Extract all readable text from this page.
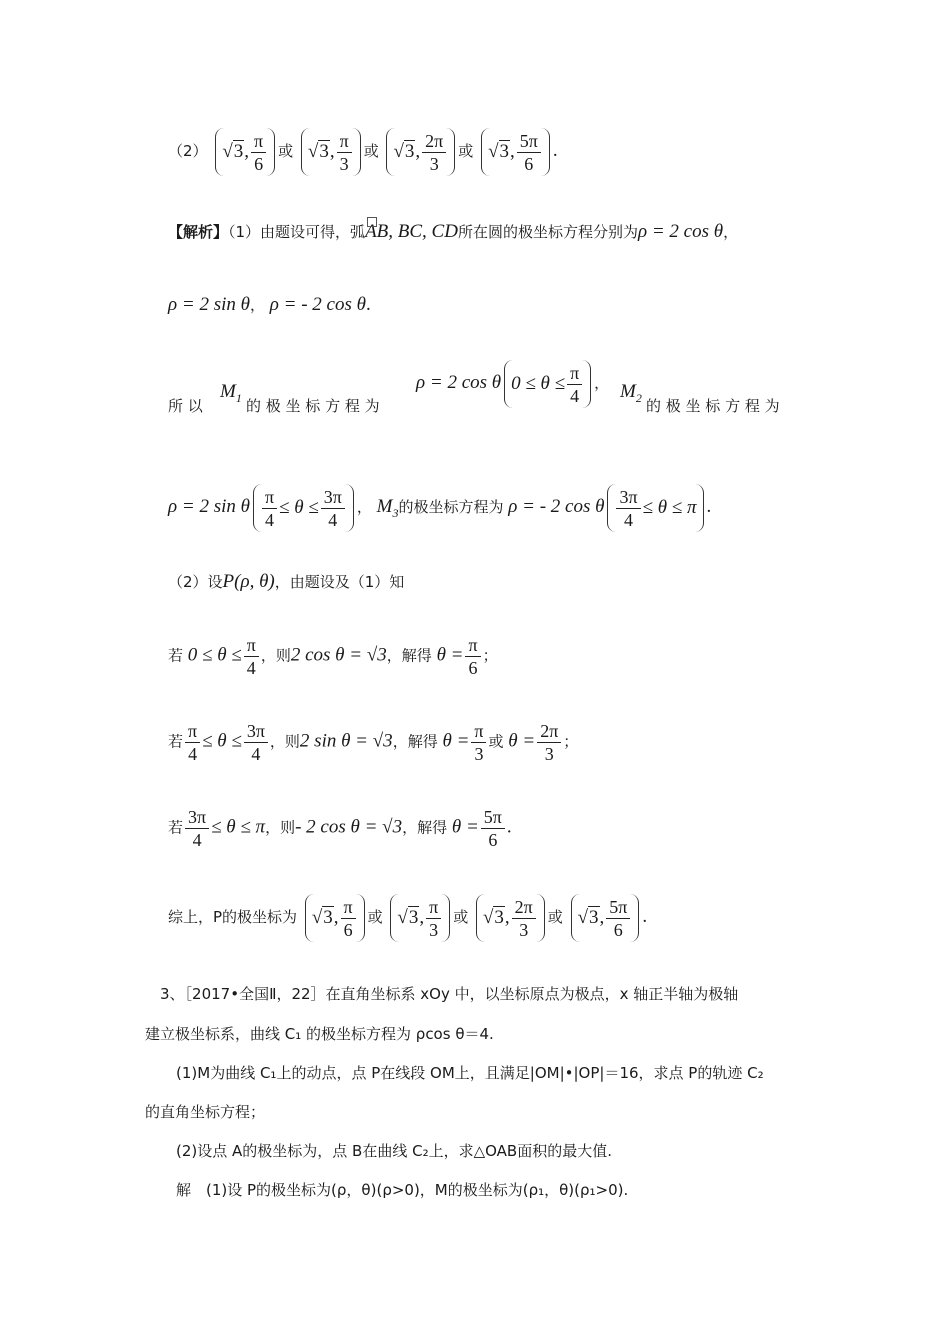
（2） √3 , $\frac{\pi}{6}$ 或 √3 , $\frac{\pi}{3}$ 或 √3 , $\frac{2\pi}{3}$ 或 √3 , $\frac{5\pi}{6}$ .
【解析】（1）由题设可得，弧AB, BC, CD所在圆的极坐标方程分别为ρ = 2 cos θ，
ρ = 2 sin θ， ρ = - 2 cos θ.
所 以
$M_1$ 的 极 坐 标 方 程 为
ρ = 2 cos θ $0 \le \theta \le \frac{\pi}{4}$ ， $M_2$ 的 极 坐 标 方 程 为
ρ = 2 sin θ $\frac{\pi}{4} \le \theta \le \frac{3\pi}{4}$ ， $M_3$的极坐标方程为 ρ = - 2 cos θ $\frac{3\pi}{4} \le \theta \le \pi$ .
（2）设P(ρ, θ)，由题设及（1）知
若 $0 \le \theta \le \frac{\pi}{4}$ ，则2 cos θ = √3，解得 $\theta = \frac{\pi}{6}$ ；
若 $\frac{\pi}{4} \le \theta \le \frac{3\pi}{4}$ ，则2 sin θ = √3，解得 $\theta = \frac{\pi}{3}$ 或 $\theta = \frac{2\pi}{3}$ ；
若 $\frac{3\pi}{4} \le \theta \le \pi$，则- 2 cos θ = √3，解得 $\theta = \frac{5\pi}{6}$ .
综上，P的极坐标为 √3 , $\frac{\pi}{6}$ 或 √3 , $\frac{\pi}{3}$ 或 √3 , $\frac{2\pi}{3}$ 或 √3 , $\frac{5\pi}{6}$ .
3、［2017•全国Ⅱ，22］在直角坐标系 xOy 中，以坐标原点为极点，x 轴正半轴为极轴
建立极坐标系，曲线 C₁ 的极坐标方程为 ρcos θ＝4.
(1)M为曲线 C₁上的动点，点 P在线段 OM上，且满足|OM|•|OP|＝16，求点 P的轨迹 C₂
的直角坐标方程；
(2)设点 A的极坐标为，点 B在曲线 C₂上，求△OAB面积的最大值.
解　(1)设 P的极坐标为(ρ，θ)(ρ>0)，M的极坐标为(ρ₁，θ)(ρ₁>0).
